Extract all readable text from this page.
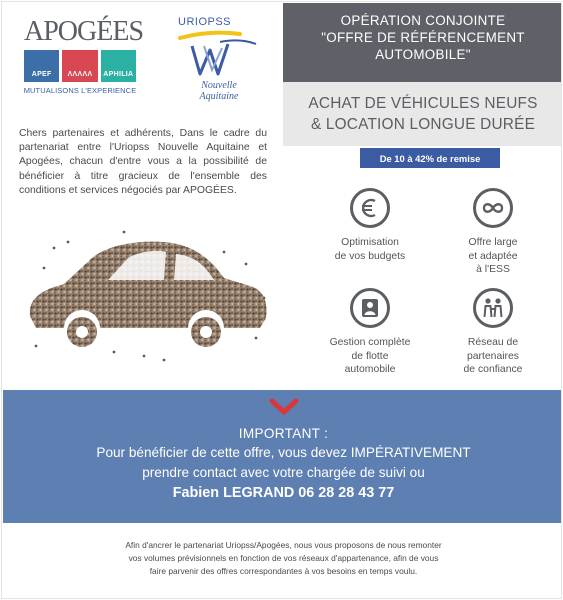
APOGÉES
APEF	ΛΛΛΛΛ	APHILIA
MUTUALISONS L'EXPERIENCE
URIOPSS
Nouvelle
Aquitaine
Chers partenaires et adhérents, Dans le cadre du partenariat entre l'Uriopss Nouvelle Aquitaine et Apogées, chacun d'entre vous a la possibilité de bénéficier à titre gracieux de l'ensemble des conditions et services négociés par APOGÉES.
OPÉRATION CONJOINTE
"OFFRE DE RÉFÉRENCEMENT
AUTOMOBILE"
ACHAT DE VÉHICULES NEUFS
& LOCATION LONGUE DURÉE
De 10 à 42% de remise
Optimisation
de vos budgets
Offre large
et adaptée
à l'ESS
Gestion complète
de flotte
automobile
Réseau de
partenaires
de confiance
IMPORTANT :
Pour bénéficier de cette offre, vous devez IMPÉRATIVEMENT
prendre contact avec votre chargée de suivi ou
Fabien LEGRAND 06 28 28 43 77
Afin d'ancrer le partenariat Uriopss/Apogées, nous vous proposons de nous remonter
vos volumes prévisionnels en fonction de vos réseaux d'appartenance, afin de vous
faire parvenir des offres correspondantes à vos besoins en temps voulu.
